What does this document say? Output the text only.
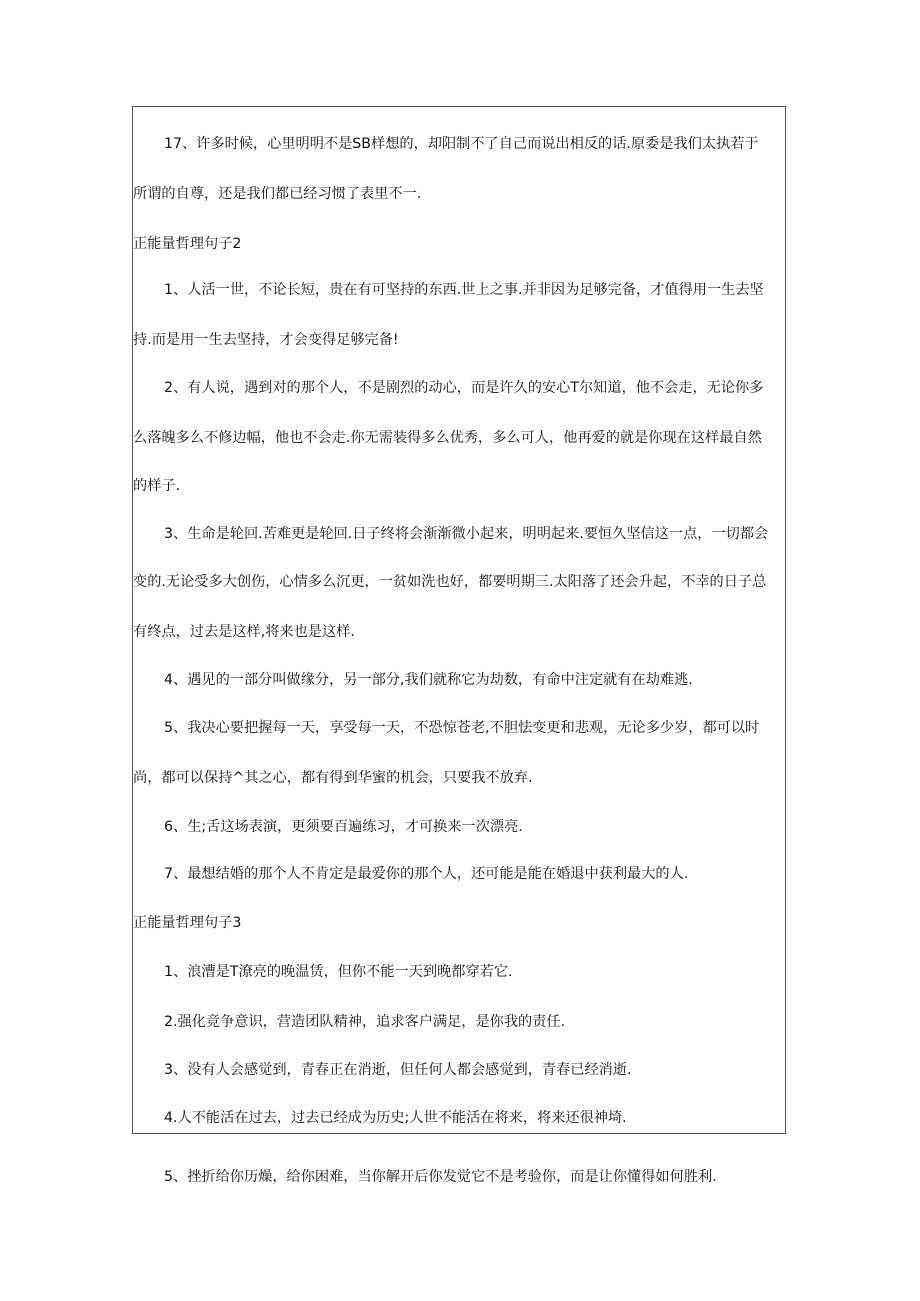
17、许多时候，心里明明不是SB样想的，却阳制不了自己而说出相反的话.原委是我们太执若于
所谓的自尊，还是我们都已经习惯了表里不一.
正能量哲理句子2
1、人活一世，不论长短，贵在有可坚持的东西.世上之事.并非因为足够完备，才值得用一生去坚
持.而是用一生去坚持，才会变得足够完备!
2、有人说，遇到对的那个人，不是剧烈的动心，而是许久的安心T尔知道，他不会走，无论你多
么落魄多么不修边幅，他也不会走.你无需装得多么优秀，多么可人，他再爱的就是你现在这样最自然
的样子.
3、生命是轮回.苦难更是轮回.日子终将会渐渐微小起来，明明起来.要恒久坚信这一点，一切都会
变的.无论受多大创伤，心情多么沉更，一贫如洗也好，都要明期三.太阳落了还会升起，不幸的日子总
有终点，过去是这样,将来也是这样.
4、遇见的一部分叫做缘分，另一部分,我们就称它为劫数，有命中注定就有在劫难逃.
5、我决心要把握每一天，享受每一天，不恐惊苍老,不胆怯变更和悲观，无论多少岁，都可以时
尚，都可以保持^其之心，都有得到华蜜的机会，只要我不放弃.
6、生;舌这场表演，更须要百遍练习，才可换来一次漂亮.
7、最想结婚的那个人不肯定是最爱你的那个人，还可能是能在婚退中获利最大的人.
正能量哲理句子3
1、浪漕是T潦亮的晚温赁，但你不能一天到晚都穿若它.
2.强化竞争意识，营造团队精神，追求客户满足，是你我的责任.
3、没有人会感觉到，青春正在消逝，但任何人都会感觉到，青春已经消逝.
4.人不能活在过去，过去已经成为历史;人世不能活在将来，将来还很神埼.
5、挫折给你历燥，给你困难，当你解开后你发觉它不是考验你，而是让你懂得如何胜利.
